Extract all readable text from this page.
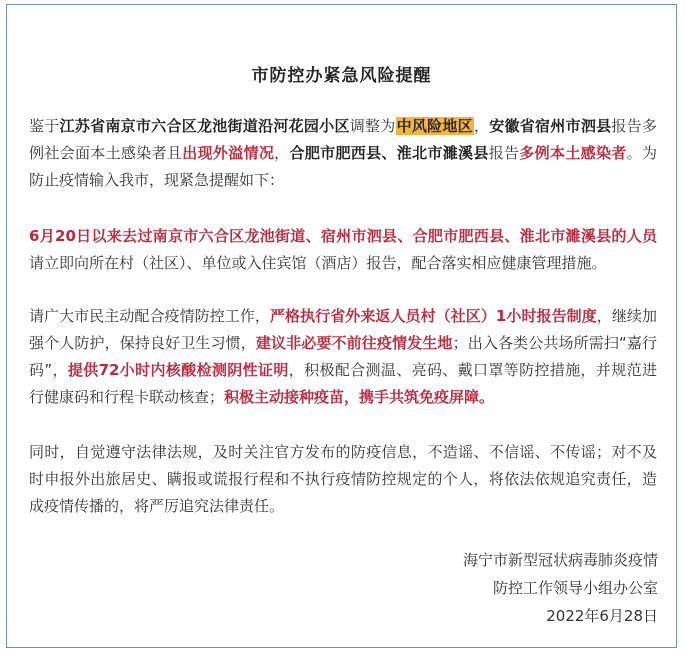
市防控办紧急风险提醒
鉴于江苏省南京市六合区龙池街道沿河花园小区调整为中风险地区，安徽省宿州市泗县报告多例社会面本土感染者且出现外溢情况，合肥市肥西县、淮北市濉溪县报告多例本土感染者。为防止疫情输入我市，现紧急提醒如下：
6月20日以来去过南京市六合区龙池街道、宿州市泗县、合肥市肥西县、淮北市濉溪县的人员请立即向所在村（社区）、单位或入住宾馆（酒店）报告，配合落实相应健康管理措施。
请广大市民主动配合疫情防控工作，严格执行省外来返人员村（社区）1小时报告制度，继续加强个人防护，保持良好卫生习惯，建议非必要不前往疫情发生地；出入各类公共场所需扫“嘉行码”，提供72小时内核酸检测阴性证明，积极配合测温、亮码、戴口罩等防控措施，并规范进行健康码和行程卡联动核查；积极主动接种疫苗，携手共筑免疫屏障。
同时，自觉遵守法律法规，及时关注官方发布的防疫信息，不造谣、不信谣、不传谣；对不及时申报外出旅居史、瞒报或谎报行程和不执行疫情防控规定的个人，将依法依规追究责任，造成疫情传播的，将严厉追究法律责任。
海宁市新型冠状病毒肺炎疫情
防控工作领导小组办公室
2022年6月28日
